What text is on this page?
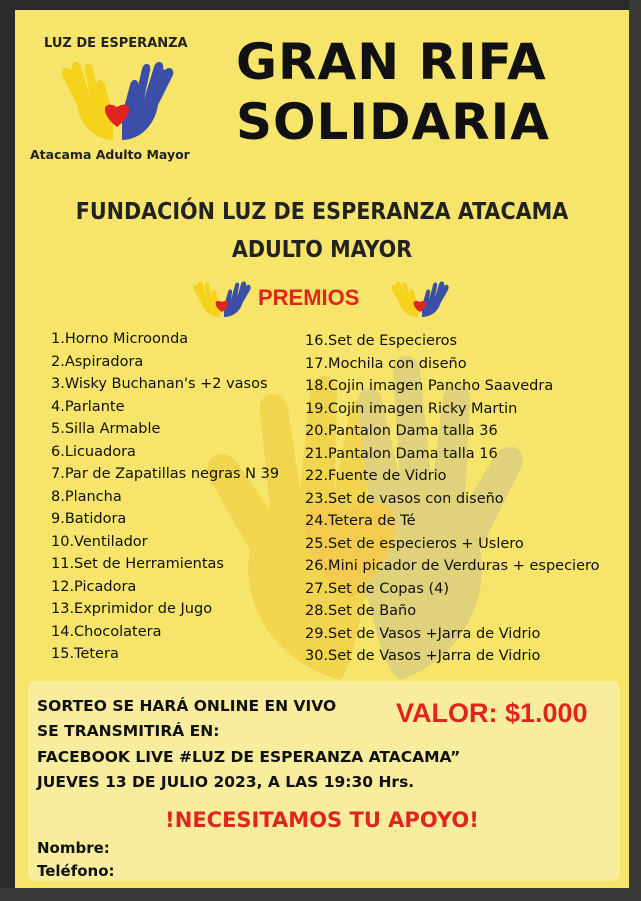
LUZ DE ESPERANZA
Atacama Adulto Mayor
GRAN RIFA
SOLIDARIA
FUNDACIÓN LUZ DE ESPERANZA ATACAMA
ADULTO MAYOR
PREMIOS
1.Horno Microonda
2.Aspiradora
3.Wisky Buchanan's +2 vasos
4.Parlante
5.Silla Armable
6.Licuadora
7.Par de Zapatillas negras N 39
8.Plancha
9.Batidora
10.Ventilador
11.Set de Herramientas
12.Picadora
13.Exprimidor de Jugo
14.Chocolatera
15.Tetera
16.Set de Especieros
17.Mochila con diseño
18.Cojin imagen Pancho Saavedra
19.Cojin imagen Ricky Martin
20.Pantalon Dama talla 36
21.Pantalon Dama talla 16
22.Fuente de Vidrio
23.Set de vasos con diseño
24.Tetera de Té
25.Set de especieros + Uslero
26.Mini picador de Verduras + especiero
27.Set de Copas (4)
28.Set de Baño
29.Set de Vasos +Jarra de Vidrio
30.Set de Vasos +Jarra de Vidrio
SORTEO SE HARÁ ONLINE EN VIVO
SE TRANSMITIRÁ EN:
VALOR: $1.000
FACEBOOK LIVE #LUZ DE ESPERANZA ATACAMA”
JUEVES 13 DE JULIO 2023, A LAS 19:30 Hrs.
!NECESITAMOS TU APOYO!
Nombre:
Teléfono:
